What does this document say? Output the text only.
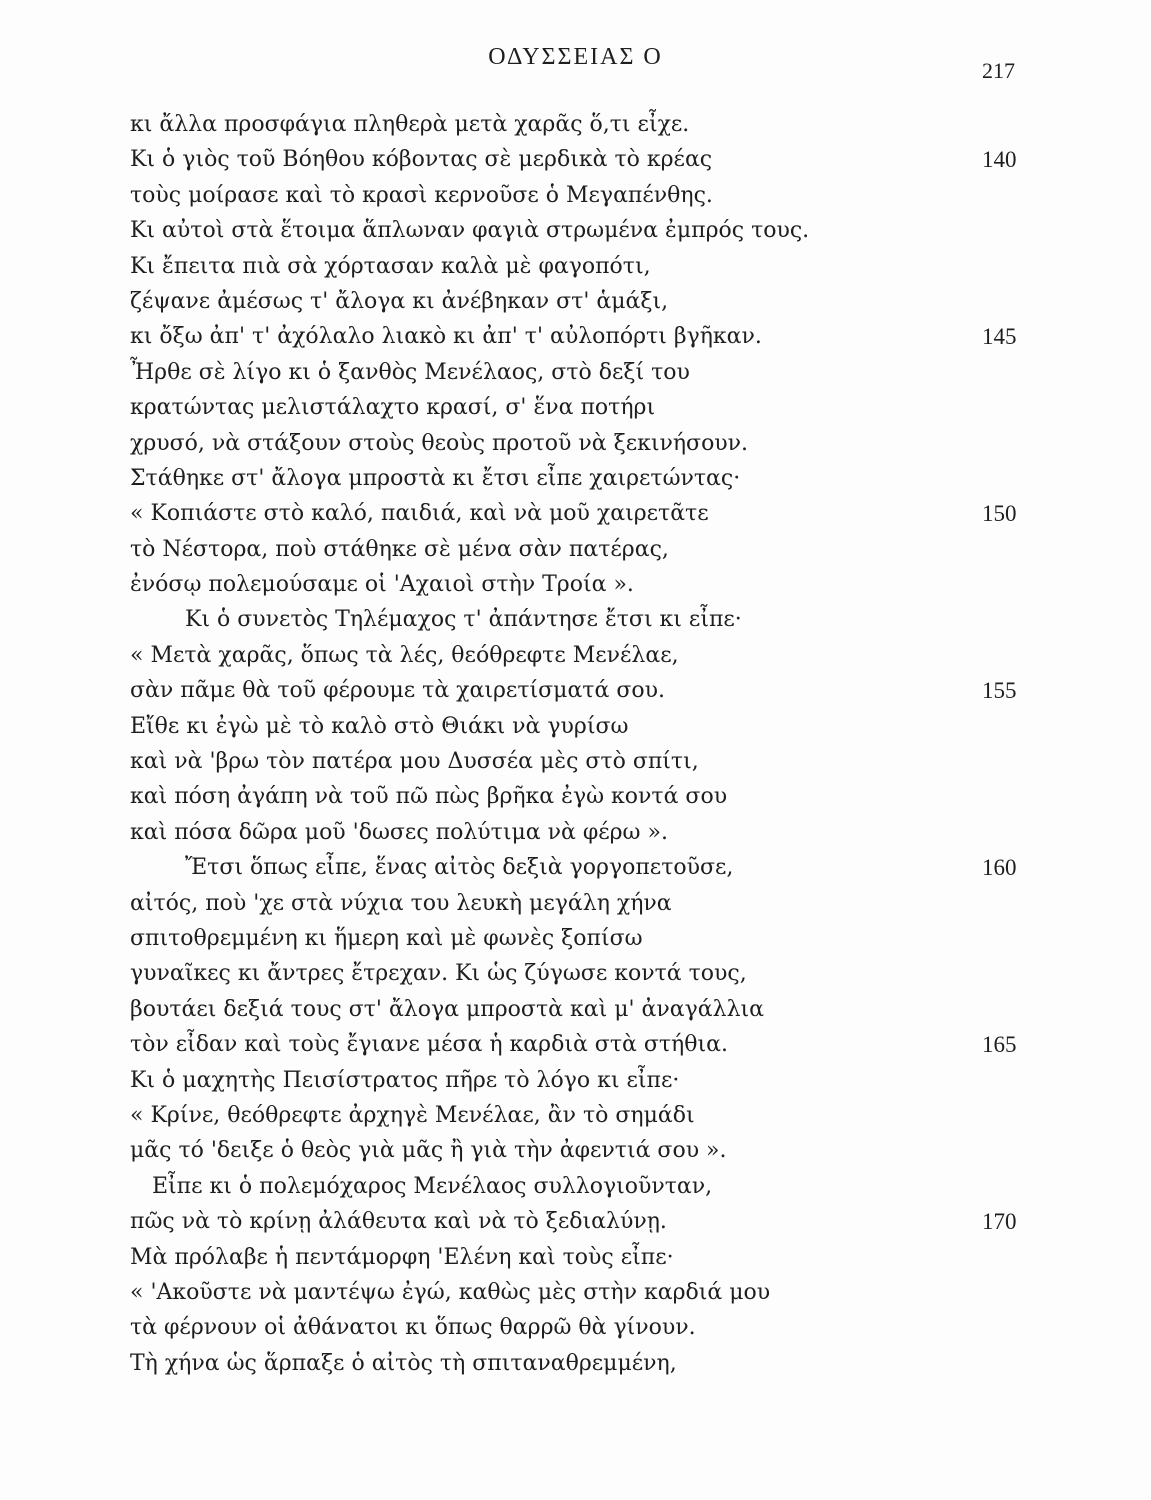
ΟΔΥΣΣΕΙΑΣ Ο
217
κι ἄλλα προσφάγια πληθερὰ μετὰ χαρᾶς ὅ,τι εἶχε.
Κι ὁ γιὸς τοῦ Βόηθου κόβοντας σὲ μερδικὰ τὸ κρέας	140
τοὺς μοίρασε καὶ τὸ κρασὶ κερνοῦσε ὁ Μεγαπένθης.
Κι αὐτοὶ στὰ ἕτοιμα ἅπλωναν φαγιὰ στρωμένα ἐμπρός τους.
Κι ἔπειτα πιὰ σὰ χόρτασαν καλὰ μὲ φαγοπότι,
ζέψανε ἀμέσως τ' ἄλογα κι ἀνέβηκαν στ' ἁμάξι,
κι ὄξω ἀπ' τ' ἀχόλαλο λιακὸ κι ἀπ' τ' αὐλοπόρτι βγῆκαν.	145
Ἦρθε σὲ λίγο κι ὁ ξανθὸς Μενέλαος, στὸ δεξί του
κρατώντας μελιστάλαχτο κρασί, σ' ἕνα ποτήρι
χρυσό, νὰ στάξουν στοὺς θεοὺς προτοῦ νὰ ξεκινήσουν.
Στάθηκε στ' ἄλογα μπροστὰ κι ἔτσι εἶπε χαιρετώντας·
« Κοπιάστε στὸ καλό, παιδιά, καὶ νὰ μοῦ χαιρετᾶτε	150
τὸ Νέστορα, ποὺ στάθηκε σὲ μένα σὰν πατέρας,
ἐνόσῳ πολεμούσαμε οἱ 'Αχαιοὶ στὴν Τροία ».
Κι ὁ συνετὸς Τηλέμαχος τ' ἀπάντησε ἔτσι κι εἶπε·
« Μετὰ χαρᾶς, ὅπως τὰ λές, θεόθρεφτε Μενέλαε,
σὰν πᾶμε θὰ τοῦ φέρουμε τὰ χαιρετίσματά σου.	155
Εἴθε κι ἐγὼ μὲ τὸ καλὸ στὸ Θιάκι νὰ γυρίσω
καὶ νὰ 'βρω τὸν πατέρα μου Δυσσέα μὲς στὸ σπίτι,
καὶ πόση ἀγάπη νὰ τοῦ πῶ πὼς βρῆκα ἐγὼ κοντά σου
καὶ πόσα δῶρα μοῦ 'δωσες πολύτιμα νὰ φέρω ».
Ἔτσι ὅπως εἶπε, ἕνας αἰτὸς δεξιὰ γοργοπετοῦσε,	160
αἰτός, ποὺ 'χε στὰ νύχια του λευκὴ μεγάλη χήνα
σπιτοθρεμμένη κι ἥμερη καὶ μὲ φωνὲς ξοπίσω
γυναῖκες κι ἄντρες ἔτρεχαν. Κι ὡς ζύγωσε κοντά τους,
βουτάει δεξιά τους στ' ἄλογα μπροστὰ καὶ μ' ἀναγάλλια
τὸν εἶδαν καὶ τοὺς ἔγιανε μέσα ἡ καρδιὰ στὰ στήθια.	165
Κι ὁ μαχητὴς Πεισίστρατος πῆρε τὸ λόγο κι εἶπε·
« Κρίνε, θεόθρεφτε ἀρχηγὲ Μενέλαε, ἂν τὸ σημάδι
μᾶς τό 'δειξε ὁ θεὸς γιὰ μᾶς ἢ γιὰ τὴν ἀφεντιά σου ».
Εἶπε κι ὁ πολεμόχαρος Μενέλαος συλλογιοῦνταν,
πῶς νὰ τὸ κρίνῃ ἀλάθευτα καὶ νὰ τὸ ξεδιαλύνῃ.	170
Μὰ πρόλαβε ἡ πεντάμορφη 'Ελένη καὶ τοὺς εἶπε·
« 'Ακοῦστε νὰ μαντέψω ἐγώ, καθὼς μὲς στὴν καρδιά μου
τὰ φέρνουν οἱ ἀθάνατοι κι ὅπως θαρρῶ θὰ γίνουν.
Τὴ χήνα ὡς ἅρπαξε ὁ αἰτὸς τὴ σπιταναθρεμμένη,
